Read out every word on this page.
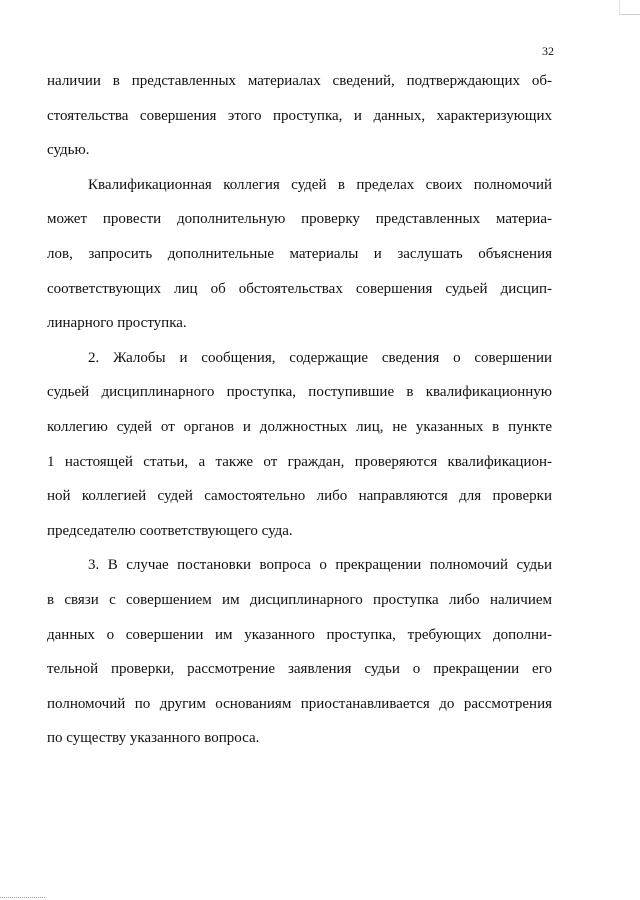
32
наличии в представленных материалах сведений, подтверждающих об-
стоятельства совершения этого проступка, и данных, характеризующих
судью.
Квалификационная коллегия судей в пределах своих полномочий
может провести дополнительную проверку представленных материа-
лов, запросить дополнительные материалы и заслушать объяснения
соответствующих лиц об обстоятельствах совершения судьей дисцип-
линарного проступка.
2. Жалобы и сообщения, содержащие сведения о совершении
судьей дисциплинарного проступка, поступившие в квалификационную
коллегию судей от органов и должностных лиц, не указанных в пункте
1 настоящей статьи, а также от граждан, проверяются квалификацион-
ной коллегией судей самостоятельно либо направляются для проверки
председателю соответствующего суда.
3. В случае постановки вопроса о прекращении полномочий судьи
в связи с совершением им дисциплинарного проступка либо наличием
данных о совершении им указанного проступка, требующих дополни-
тельной проверки, рассмотрение заявления судьи о прекращении его
полномочий по другим основаниям приостанавливается до рассмотрения
по существу указанного вопроса.
